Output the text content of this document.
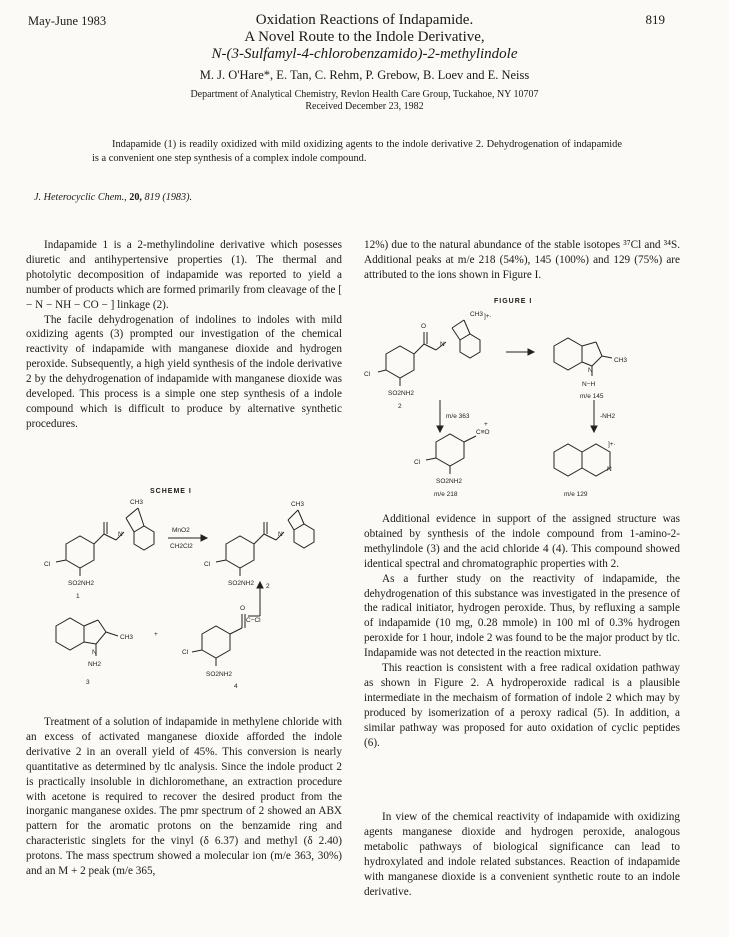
May-June 1983	819
Oxidation Reactions of Indapamide.
A Novel Route to the Indole Derivative,
N-(3-Sulfamyl-4-chlorobenzamido)-2-methylindole
M. J. O'Hare*, E. Tan, C. Rehm, P. Grebow, B. Loev and E. Neiss
Department of Analytical Chemistry, Revlon Health Care Group, Tuckahoe, NY 10707
Received December 23, 1982
Indapamide (1) is readily oxidized with mild oxidizing agents to the indole derivative 2. Dehydrogenation of indapamide is a convenient one step synthesis of a complex indole compound.
J. Heterocyclic Chem., 20, 819 (1983).

Indapamide 1 is a 2-methylindoline derivative which posesses diuretic and antihypertensive properties (1). The thermal and photolytic decomposition of indapamide was reported to yield a number of products which are formed primarily from cleavage of the [ − N − NH − CO − ] linkage (2).

The facile dehydrogenation of indolines to indoles with mild oxidizing agents (3) prompted our investigation of the chemical reactivity of indapamide with manganese dioxide and hydrogen peroxide. Subsequently, a high yield synthesis of the indole derivative 2 by the dehydrogenation of indapamide with manganese dioxide was developed. This process is a simple one step synthesis of a indole compound which is difficult to produce by alternative synthetic procedures.

SCHEME I
CH3
N
Cl
SO2NH2
1
MnO2
CH2Cl2
CH3
N
Cl
SO2NH2 2
CH3
N
NH2
3
+
O
C−Cl
Cl
SO2NH2
4

Treatment of a solution of indapamide in methylene chloride with an excess of activated manganese dioxide afforded the indole derivative 2 in an overall yield of 45%. This conversion is nearly quantitative as determined by tlc analysis. Since the indole product 2 is practically insoluble in dichloromethane, an extraction procedure with acetone is required to recover the desired product from the inorganic manganese oxides. The pmr spectrum of 2 showed an ABX pattern for the aromatic protons on the benzamide ring and characteristic singlets for the vinyl (δ 6.37) and methyl (δ 2.40) protons. The mass spectrum showed a molecular ion (m/e 363, 30%) and an M + 2 peak (m/e 365,

12%) due to the natural abundance of the stable isotopes ³⁷Cl and ³⁴S. Additional peaks at m/e 218 (54%), 145 (100%) and 129 (75%) are attributed to the ions shown in Figure I.

FIGURE I
CH3 ]+·
O
N
Cl
SO2NH2
2
CH3
N
N−H
m/e 145
m/e 363	-NH2
C≡O
+
Cl
SO2NH2
m/e 218
]+·
N
m/e 129

Additional evidence in support of the assigned structure was obtained by synthesis of the indole compound from 1-amino-2-methylindole (3) and the acid chloride 4 (4). This compound showed identical spectral and chromatographic properties with 2.

As a further study on the reactivity of indapamide, the dehydrogenation of this substance was investigated in the presence of the radical initiator, hydrogen peroxide. Thus, by refluxing a sample of indapamide (10 mg, 0.28 mmole) in 100 ml of 0.3% hydrogen peroxide for 1 hour, indole 2 was found to be the major product by tlc. Indapamide was not detected in the reaction mixture.

This reaction is consistent with a free radical oxidation pathway as shown in Figure 2. A hydroperoxide radical is a plausible intermediate in the mechaism of formation of indole 2 which may by produced by isomerization of a peroxy radical (5). In addition, a similar pathway was proposed for auto oxidation of cyclic peptides (6).

In view of the chemical reactivity of indapamide with oxidizing agents manganese dioxide and hydrogen peroxide, analogous metabolic pathways of biological significance can lead to hydroxylated and indole related substances. Reaction of indapamide with manganese dioxide is a convenient synthetic route to an indole derivative.
